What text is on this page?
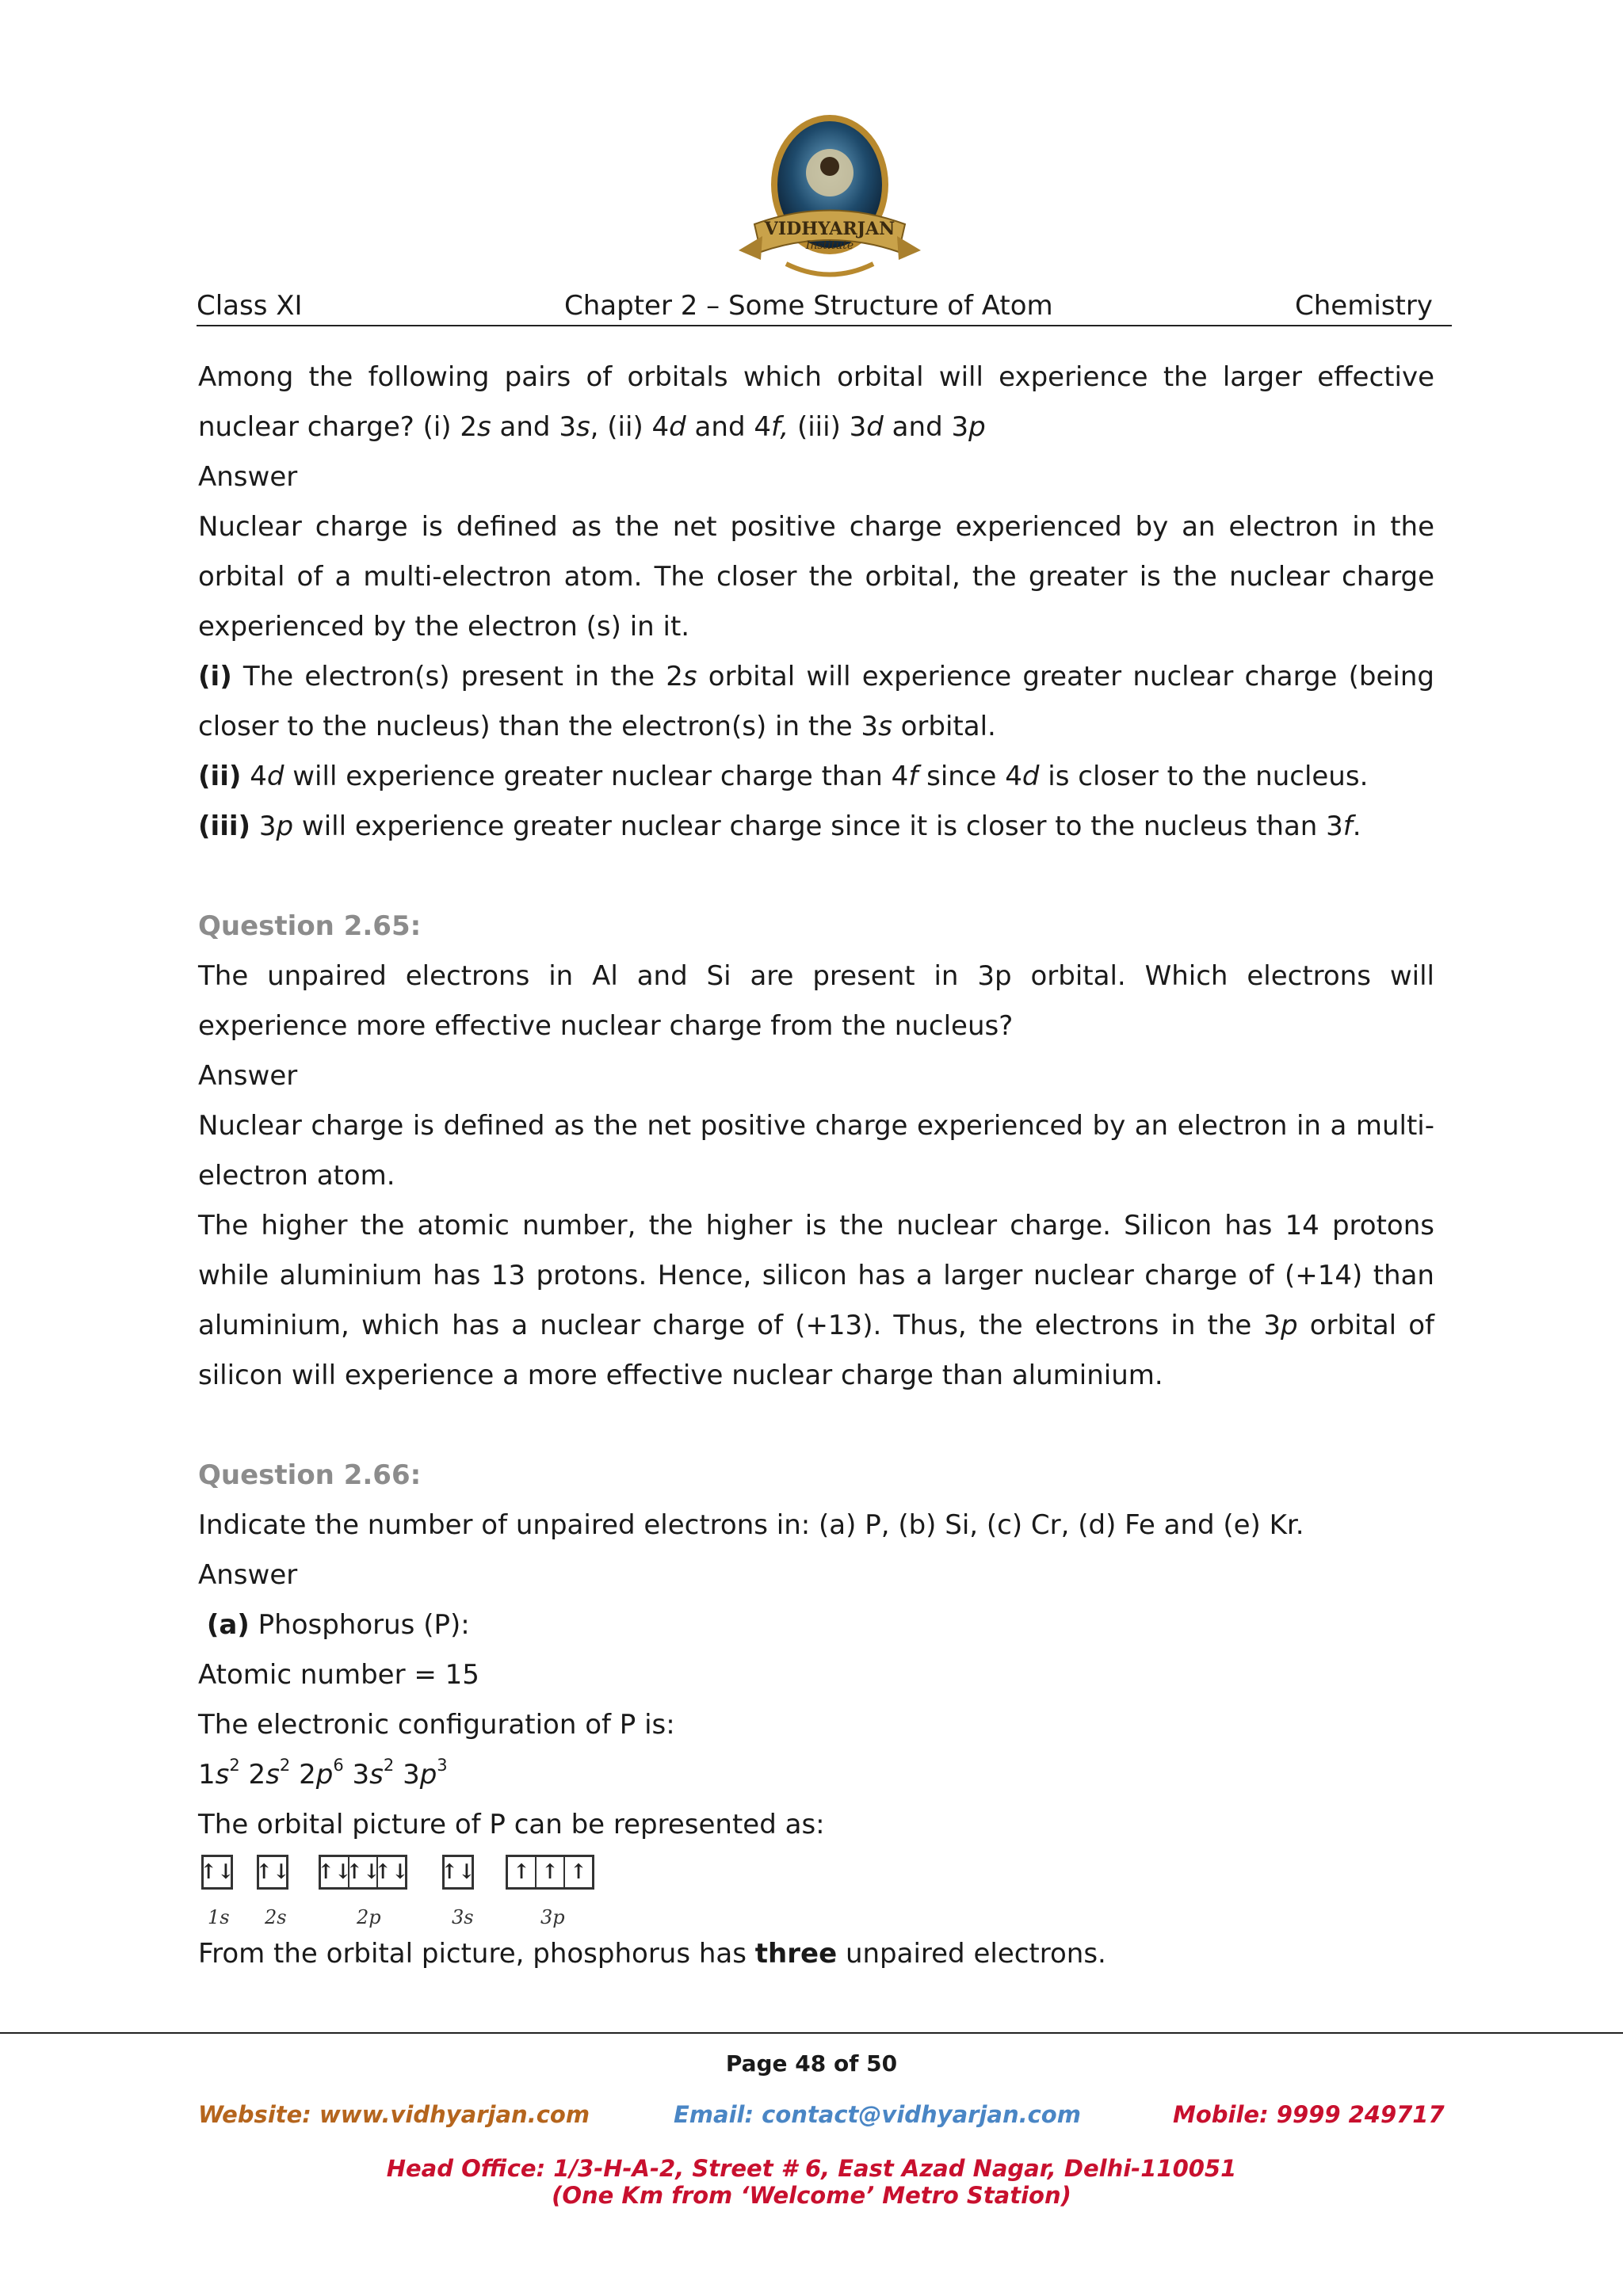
VIDHYARJAN
Institute
Class XI	Chapter 2 – Some Structure of Atom	Chemistry

Among the following pairs of orbitals which orbital will experience the larger effective

nuclear charge? (i) 2s and 3s, (ii) 4d and 4f, (iii) 3d and 3p

Answer

Nuclear charge is defined as the net positive charge experienced by an electron in the orbital of a multi-electron atom. The closer the orbital, the greater is the nuclear charge experienced by the electron (s) in it.

(i) The electron(s) present in the 2s orbital will experience greater nuclear charge (being closer to the nucleus) than the electron(s) in the 3s orbital.

(ii) 4d will experience greater nuclear charge than 4f since 4d is closer to the nucleus.

(iii) 3p will experience greater nuclear charge since it is closer to the nucleus than 3f.

Question 2.65:

The unpaired electrons in Al and Si are present in 3p orbital. Which electrons will experience more effective nuclear charge from the nucleus?

Answer

Nuclear charge is defined as the net positive charge experienced by an electron in a multi-electron atom.

The higher the atomic number, the higher is the nuclear charge. Silicon has 14 protons while aluminium has 13 protons. Hence, silicon has a larger nuclear charge of (+14) than aluminium, which has a nuclear charge of (+13). Thus, the electrons in the 3p orbital of silicon will experience a more effective nuclear charge than aluminium.

Question 2.66:

Indicate the number of unpaired electrons in: (a) P, (b) Si, (c) Cr, (d) Fe and (e) Kr.

Answer

(a) Phosphorus (P):

Atomic number = 15

The electronic configuration of P is:

$1s^2$ $2s^2$ $2p^6$ $3s^2$ $3p^3$

The orbital picture of P can be represented as:

↑↓ ↑↓ ↑↓
↑↓
↑↓ ↑↓ ↑ ↑ ↑
1s 2s	2p	3s	3p

From the orbital picture, phosphorus has three unpaired electrons.

Page 48 of 50
Website: www.vidhyarjan.com	Email: contact@vidhyarjan.com	Mobile: 9999 249717
Head Office: 1/3-H-A-2, Street # 6, East Azad Nagar, Delhi-110051
(One Km from ‘Welcome’ Metro Station)
